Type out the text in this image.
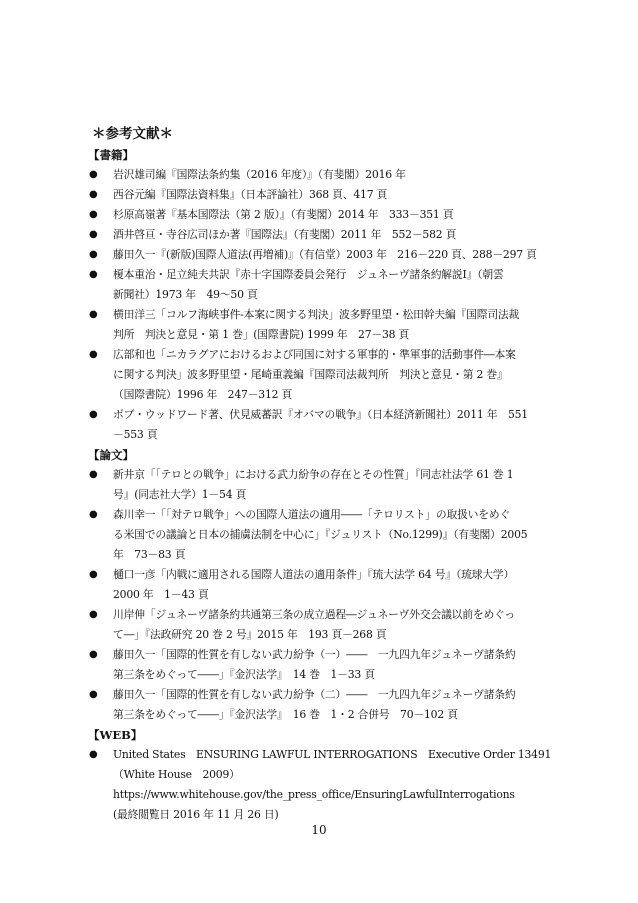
＊参考文献＊
【書籍】
● 岩沢雄司編『国際法条約集（2016 年度）』（有斐閣）2016 年
● 西谷元編『国際法資料集』（日本評論社）368 頁、417 頁
● 杉原高嶺著『基本国際法（第 2 版）』（有斐閣）2014 年　333－351 頁
● 酒井啓亘・寺谷広司ほか著『国際法』（有斐閣）2011 年　552－582 頁
● 藤田久一『(新版)国際人道法(再増補)』（有信堂）2003 年　216－220 頁、288－297 頁
● 榎本重治・足立純夫共訳『赤十字国際委員会発行　ジュネーヴ諸条約解説Ⅰ』（朝雲
新聞社）1973 年　49～50 頁
● 横田洋三「コルフ海峡事件-本案に関する判決」波多野里望・松田幹夫編『国際司法裁
判所　判決と意見・第 1 巻」(国際書院) 1999 年　27－38 頁
● 広部和也「ニカラグアにおけるおよび同国に対する軍事的・準軍事的活動事件―本案
に関する判決」波多野里望・尾崎重義編『国際司法裁判所　判決と意見・第 2 巻』
（国際書院）1996 年　247－312 頁
● ボブ・ウッドワード著、伏見威蕃訳『オバマの戦争』（日本経済新聞社）2011 年　551
－553 頁
【論文】
● 新井京「「テロとの戦争」における武力紛争の存在とその性質」『同志社法学 61 巻 1
号』(同志社大学）1－54 頁
● 森川幸一「「対テロ戦争」への国際人道法の適用――「テロリスト」の取扱いをめぐ
る米国での議論と日本の捕虜法制を中心に」『ジュリスト（No.1299)』（有斐閣）2005
年　73－83 頁
● 樋口一彦「内戦に適用される国際人道法の適用条件」『琉大法学 64 号』（琉球大学）
2000 年　1－43 頁
● 川岸伸「ジュネーヴ諸条約共通第三条の成立過程―ジュネーヴ外交会議以前をめぐっ
て―」『法政研究 20 巻 2 号』2015 年　193 頁－268 頁
● 藤田久一「国際的性質を有しない武力紛争（一）――　一九四九年ジュネーヴ諸条約
第三条をめぐって――」『金沢法学』　14 巻　1－33 頁
● 藤田久一「国際的性質を有しない武力紛争（二）――　一九四九年ジュネーヴ諸条約
第三条をめぐって――」『金沢法学』　16 巻　1・2 合併号　70－102 頁
【WEB】
● United States　ENSURING LAWFUL INTERROGATIONS　Executive Order 13491
（White House　2009）
https://www.whitehouse.gov/the_press_office/EnsuringLawfulInterrogations
(最終閲覧日 2016 年 11 月 26 日)
10
